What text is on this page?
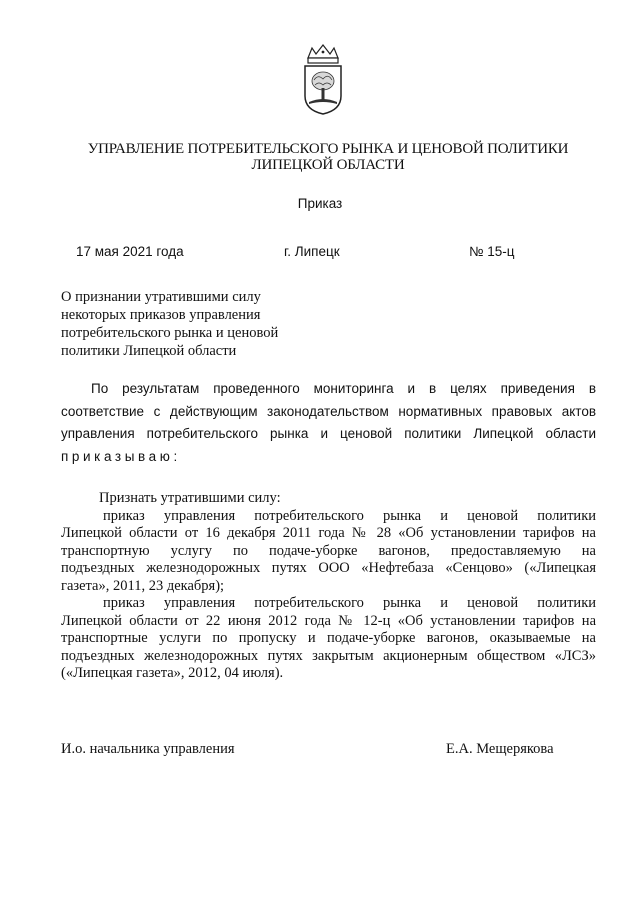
УПРАВЛЕНИЕ ПОТРЕБИТЕЛЬСКОГО РЫНКА И ЦЕНОВОЙ ПОЛИТИКИ
ЛИПЕЦКОЙ ОБЛАСТИ
Приказ
17 мая 2021 года	г. Липецк	№ 15-ц
О признании утратившими силу
некоторых приказов управления
потребительского рынка и ценовой
политики Липецкой области
По результатам проведенного мониторинга и в целях приведения в
соответствие с действующим законодательством нормативных правовых актов
управления потребительского рынка и ценовой политики Липецкой области
приказываю:
Признать утратившими силу:
приказ управления потребительского рынка и ценовой политики
Липецкой области от 16 декабря 2011 года № 28 «Об установлении тарифов на
транспортную услугу по подаче-уборке вагонов, предоставляемую на
подъездных железнодорожных путях ООО «Нефтебаза «Сенцово» («Липецкая
газета», 2011, 23 декабря);
приказ управления потребительского рынка и ценовой политики
Липецкой области от 22 июня 2012 года № 12-ц «Об установлении тарифов на
транспортные услуги по пропуску и подаче-уборке вагонов, оказываемые на
подъездных железнодорожных путях закрытым акционерным обществом «ЛСЗ»
(«Липецкая газета», 2012, 04 июля).
И.о. начальника управления	Е.А. Мещерякова
